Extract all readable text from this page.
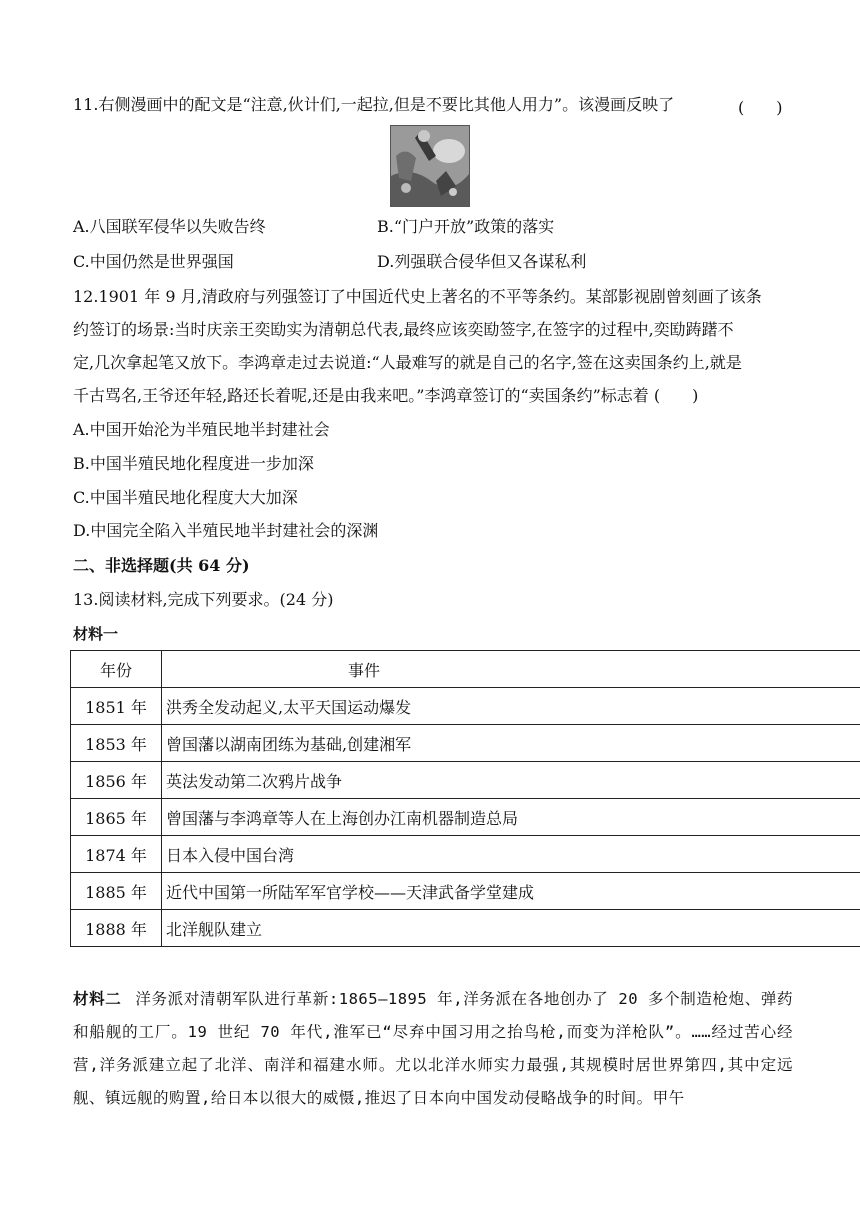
11.右侧漫画中的配文是“注意,伙计们,一起拉,但是不要比其他人用力”。该漫画反映了	(　　)
A.八国联军侵华以失败告终	B.“门户开放”政策的落实
C.中国仍然是世界强国	D.列强联合侵华但又各谋私利
12.1901 年 9 月,清政府与列强签订了中国近代史上著名的不平等条约。某部影视剧曾刻画了该条
约签订的场景:当时庆亲王奕劻实为清朝总代表,最终应该奕劻签字,在签字的过程中,奕劻踌躇不
定,几次拿起笔又放下。李鸿章走过去说道:“人最难写的就是自己的名字,签在这卖国条约上,就是
千古骂名,王爷还年轻,路还长着呢,还是由我来吧。”李鸿章签订的“卖国条约”标志着 (　　)
A.中国开始沦为半殖民地半封建社会
B.中国半殖民地化程度进一步加深
C.中国半殖民地化程度大大加深
D.中国完全陷入半殖民地半封建社会的深渊
二、非选择题(共 64 分)
13.阅读材料,完成下列要求。(24 分)
材料一
年份	事件
1851 年	洪秀全发动起义,太平天国运动爆发
1853 年	曾国藩以湖南团练为基础,创建湘军
1856 年	英法发动第二次鸦片战争
1865 年	曾国藩与李鸿章等人在上海创办江南机器制造总局
1874 年	日本入侵中国台湾
1885 年	近代中国第一所陆军军官学校——天津武备学堂建成
1888 年	北洋舰队建立
材料二 洋务派对清朝军队进行革新:1865—1895 年,洋务派在各地创办了 20 多个制造枪炮、弹药和船舰的工厂。19 世纪 70 年代,淮军已“尽弃中国习用之抬鸟枪,而变为洋枪队”。……经过苦心经营,洋务派建立起了北洋、南洋和福建水师。尤以北洋水师实力最强,其规模时居世界第四,其中定远舰、镇远舰的购置,给日本以很大的威慑,推迟了日本向中国发动侵略战争的时间。甲午
